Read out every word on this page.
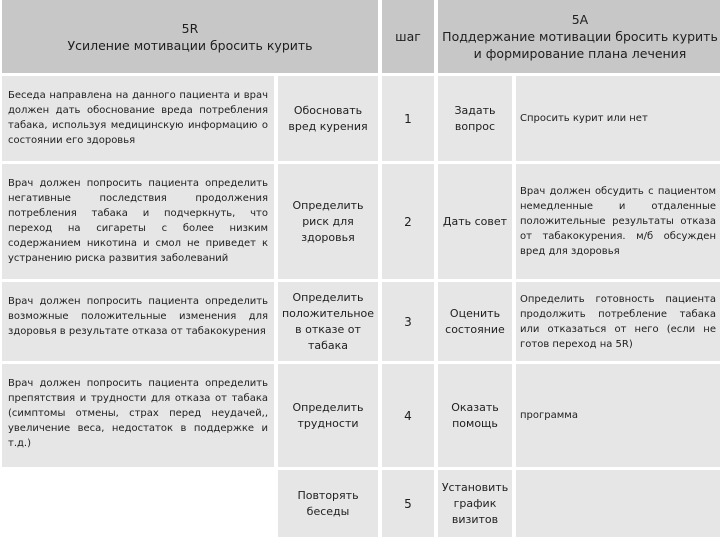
5R
Усиление мотивации бросить курить
шаг
5А
Поддержание мотивации бросить курить и формирование плана лечения
Беседа направлена на данного пациента и врач должен дать обоснование вреда потребления табака, используя медицинскую информацию о состоянии его здоровья
Обосновать вред курения
1
Задать вопрос
Спросить курит или нет
Врач должен попросить пациента определить негативные последствия продолжения потребления табака и подчеркнуть, что переход на сигареты с более низким содержанием никотина и смол не приведет к устранению риска развития заболеваний
Определить риск для здоровья
2	Дать совет
Врач должен обсудить с пациентом немедленные и отдаленные положительные результаты отказа от табакокурения. м/б обсужден вред для здоровья
Врач должен попросить пациента определить возможные положительные изменения для здоровья в результате отказа от табакокурения
Определить положительное в отказе от табака
3
Оценить состояние
Определить готовность пациента продолжить потребление табака или отказаться от него (если не готов переход на 5R)
Врач должен попросить пациента определить препятствия и трудности для отказа от табака (симптомы отмены, страх перед неудачей,, увеличение веса, недостаток в поддержке и т.д.)
Определить трудности
4
Оказать помощь
программа
Повторять беседы
5
Установить график визитов
